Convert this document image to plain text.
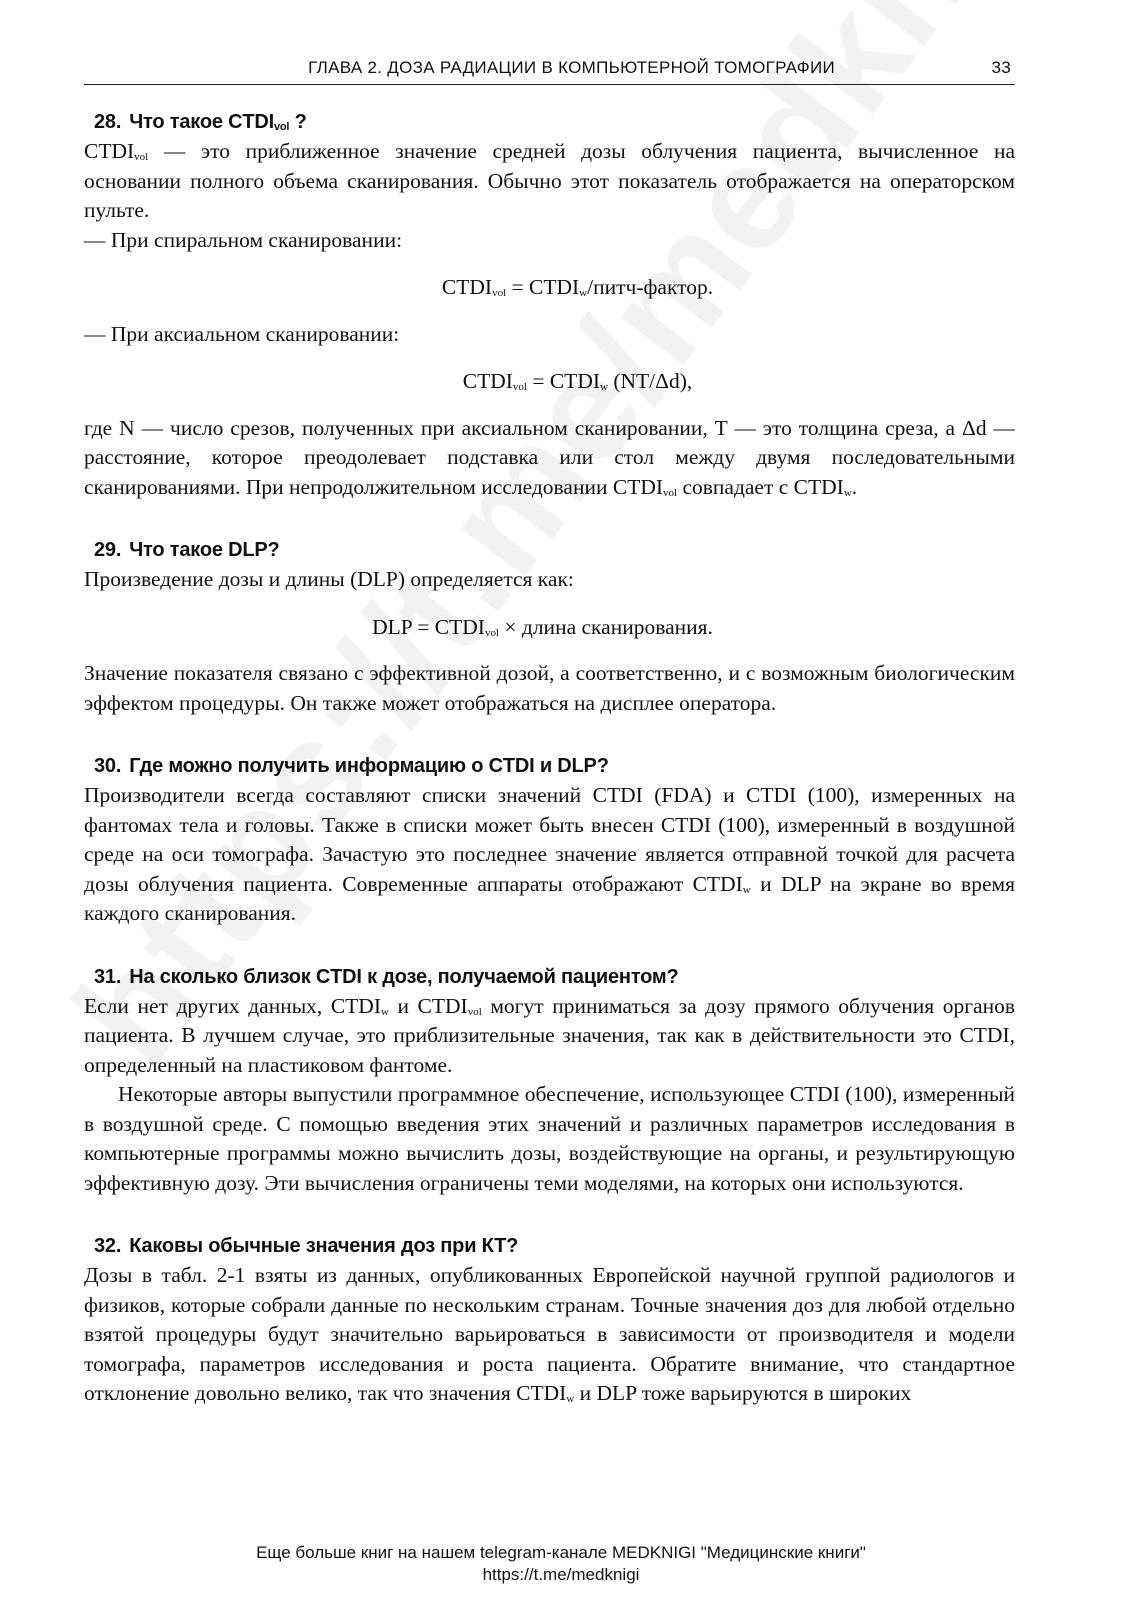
ГЛАВА 2. ДОЗА РАДИАЦИИ В КОМПЬЮТЕРНОЙ ТОМОГРАФИИ	33
28. Что такое $CTDI_{vol}$ ?

$CTDI_{vol}$ — это приближенное значение средней дозы облучения пациента, вычисленное на основании полного объема сканирования. Обычно этот показатель отображается на операторском пульте.

— При спиральном сканировании:

$CTDI_{vol}$ = $CTDI_w/питч$-фактор.

— При аксиальном сканировании:

$CTDI_{vol}$ = $CTDI_w$ (NT/Δd),

где N — число срезов, полученных при аксиальном сканировании, T — это толщина среза, а Δd — расстояние, которое преодолевает подставка или стол между двумя последовательными сканированиями. При непродолжительном исследовании $CTDI_{vol}$ совпадает с $CTDI_w$.

29. Что такое DLP?

Произведение дозы и длины (DLP) определяется как:

DLP = $CTDI_{vol}$ × длина сканирования.

Значение показателя связано с эффективной дозой, а соответственно, и с возможным биологическим эффектом процедуры. Он также может отображаться на дисплее оператора.

30. Где можно получить информацию о CTDI и DLP?

Производители всегда составляют списки значений CTDI (FDA) и CTDI (100), измеренных на фантомах тела и головы. Также в списки может быть внесен CTDI (100), измеренный в воздушной среде на оси томографа. Зачастую это последнее значение является отправной точкой для расчета дозы облучения пациента. Современные аппараты отображают $CTDI_w$ и DLP на экране во время каждого сканирования.

31. На сколько близок CTDI к дозе, получаемой пациентом?

Если нет других данных, $CTDI_w$ и $CTDI_{vol}$ могут приниматься за дозу прямого облучения органов пациента. В лучшем случае, это приблизительные значения, так как в действительности это CTDI, определенный на пластиковом фантоме.

Некоторые авторы выпустили программное обеспечение, использующее CTDI (100), измеренный в воздушной среде. С помощью введения этих значений и различных параметров исследования в компьютерные программы можно вычислить дозы, воздействующие на органы, и результирующую эффективную дозу. Эти вычисления ограничены теми моделями, на которых они используются.

32. Каковы обычные значения доз при КТ?

Дозы в табл. 2-1 взяты из данных, опубликованных Европейской научной группой радиологов и физиков, которые собрали данные по нескольким странам. Точные значения доз для любой отдельно взятой процедуры будут значительно варьироваться в зависимости от производителя и модели томографа, параметров исследования и роста пациента. Обратите внимание, что стандартное отклонение довольно велико, так что значения $CTDI_w$ и DLP тоже варьируются в широких

Еще больше книг на нашем telegram-канале MEDKNIGI "Медицинские книги"
https://t.me/medknigi
